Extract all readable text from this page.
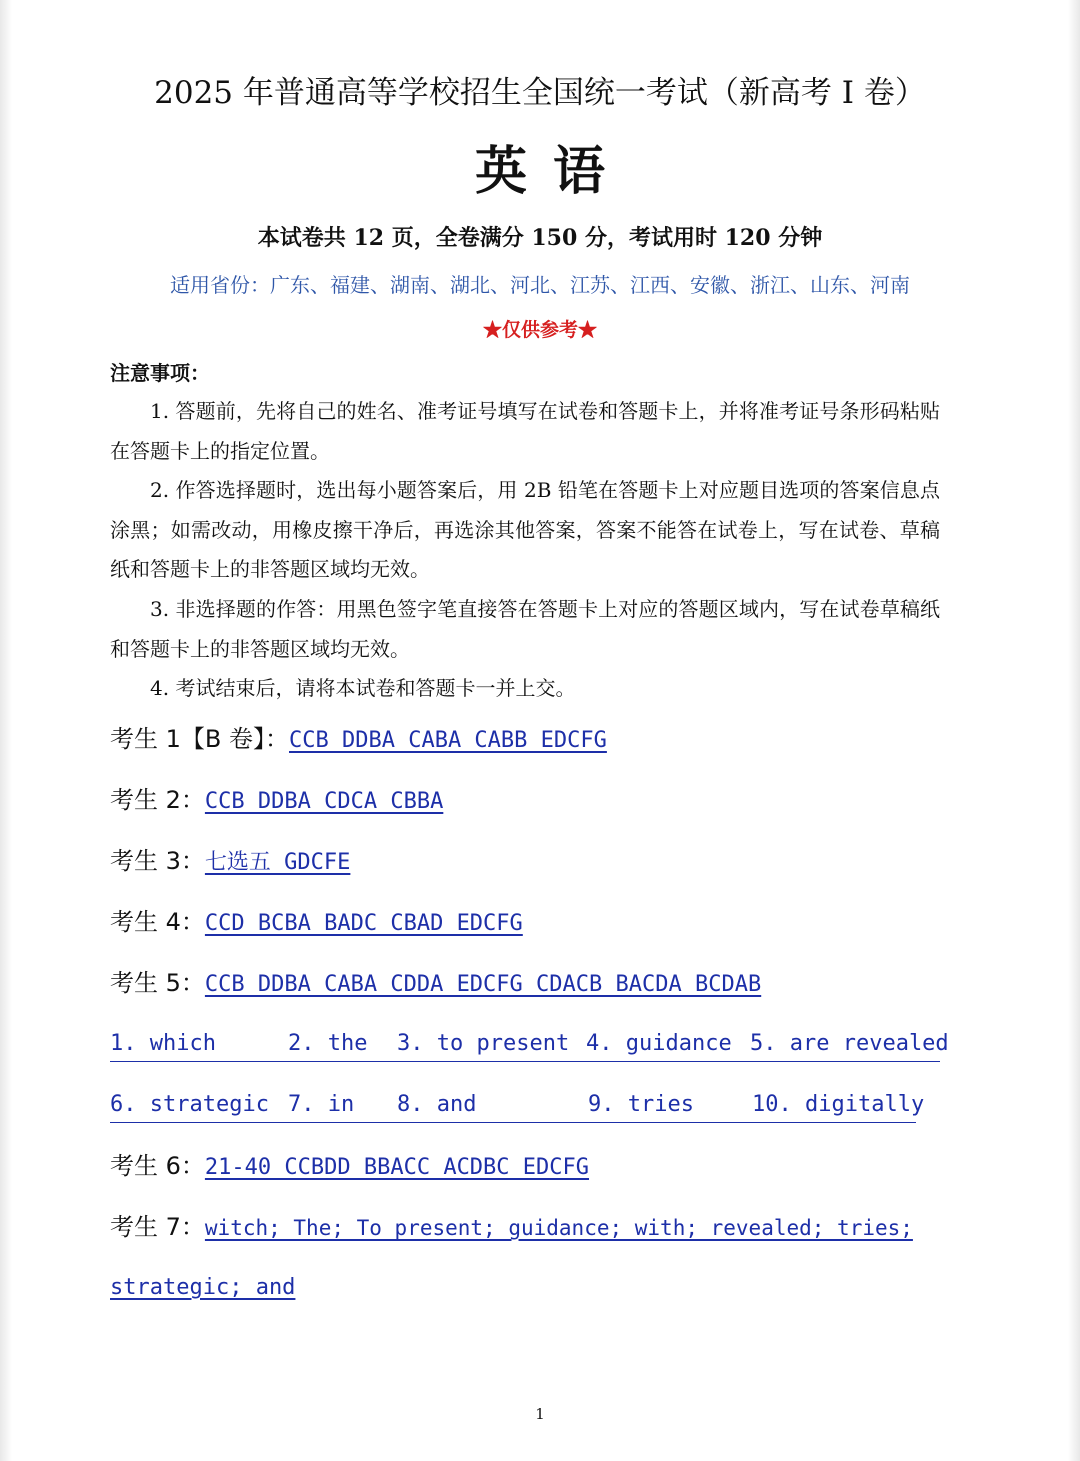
2025 年普通高等学校招生全国统一考试（新高考 I 卷）
英语
本试卷共 12 页，全卷满分 150 分，考试用时 120 分钟
适用省份：广东、福建、湖南、湖北、河北、江苏、江西、安徽、浙江、山东、河南
★仅供参考★
注意事项：
1. 答题前，先将自己的姓名、准考证号填写在试卷和答题卡上，并将准考证号条形码粘贴在答题卡上的指定位置。
2. 作答选择题时，选出每小题答案后，用 2B 铅笔在答题卡上对应题目选项的答案信息点涂黑；如需改动，用橡皮擦干净后，再选涂其他答案，答案不能答在试卷上，写在试卷、草稿纸和答题卡上的非答题区域均无效。
3. 非选择题的作答：用黑色签字笔直接答在答题卡上对应的答题区域内，写在试卷草稿纸和答题卡上的非答题区域均无效。
4. 考试结束后，请将本试卷和答题卡一并上交。
考生 1【B 卷】：CCB DDBA CABA CABB EDCFG
考生 2：CCB DDBA CDCA CBBA
考生 3：七选五 GDCFE
考生 4：CCD BCBA BADC CBAD EDCFG
考生 5：CCB DDBA CABA CDDA EDCFG CDACB BACDA BCDAB
1. which	2. the 3. to present 4. guidance 5. are revealed
6. strategic 7. in 8. and	9. tries	10. digitally
考生 6：21-40 CCBDD BBACC ACDBC EDCFG
考生 7：witch; The; To present; guidance; with; revealed; tries;
strategic; and
1
